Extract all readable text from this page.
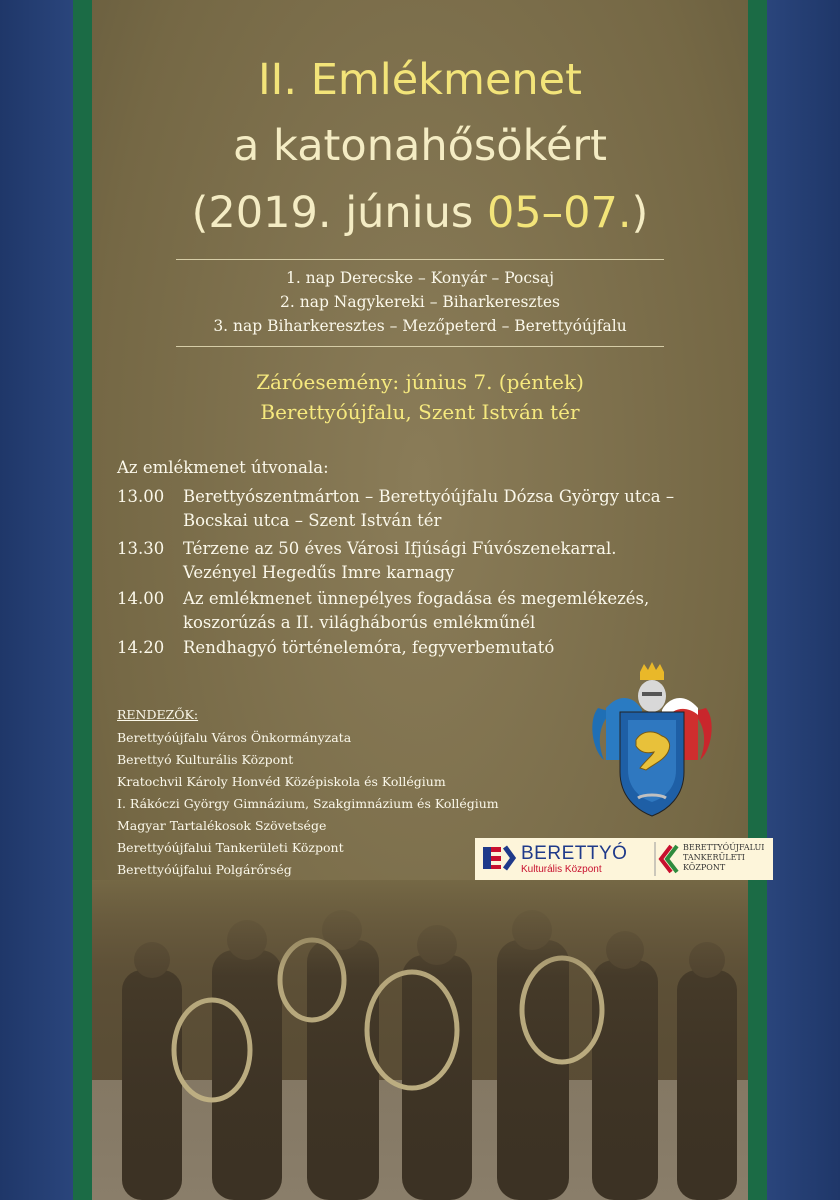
II. Emlékmenet
a katonahősökért
(2019. június 05–07.)
1. nap Derecske – Konyár – Pocsaj
2. nap Nagykereki – Biharkeresztes
3. nap Biharkeresztes – Mezőpeterd – Berettyóújfalu
Záróesemény: június 7. (péntek)
Berettyóújfalu, Szent István tér
Az emlékmenet útvonala:
13.00 Berettyószentmárton – Berettyóújfalu Dózsa György utca –
Bocskai utca – Szent István tér
13.30 Térzene az 50 éves Városi Ifjúsági Fúvószenekarral.
Vezényel Hegedűs Imre karnagy
14.00 Az emlékmenet ünnepélyes fogadása és megemlékezés,
koszorúzás a II. világháborús emlékműnél
14.20 Rendhagyó történelemóra, fegyverbemutató
RENDEZŐK:
Berettyóújfalu Város Önkormányzata
Berettyó Kulturális Központ
Kratochvil Károly Honvéd Középiskola és Kollégium
I. Rákóczi György Gimnázium, Szakgimnázium és Kollégium
Magyar Tartalékosok Szövetsége
Berettyóújfalui Tankerületi Központ
Berettyóújfalui Polgárőrség
BERETTYÓ
Kulturális Központ
BERETTYÓÚJFALUI
TANKERÜLETI
KÖZPONT
